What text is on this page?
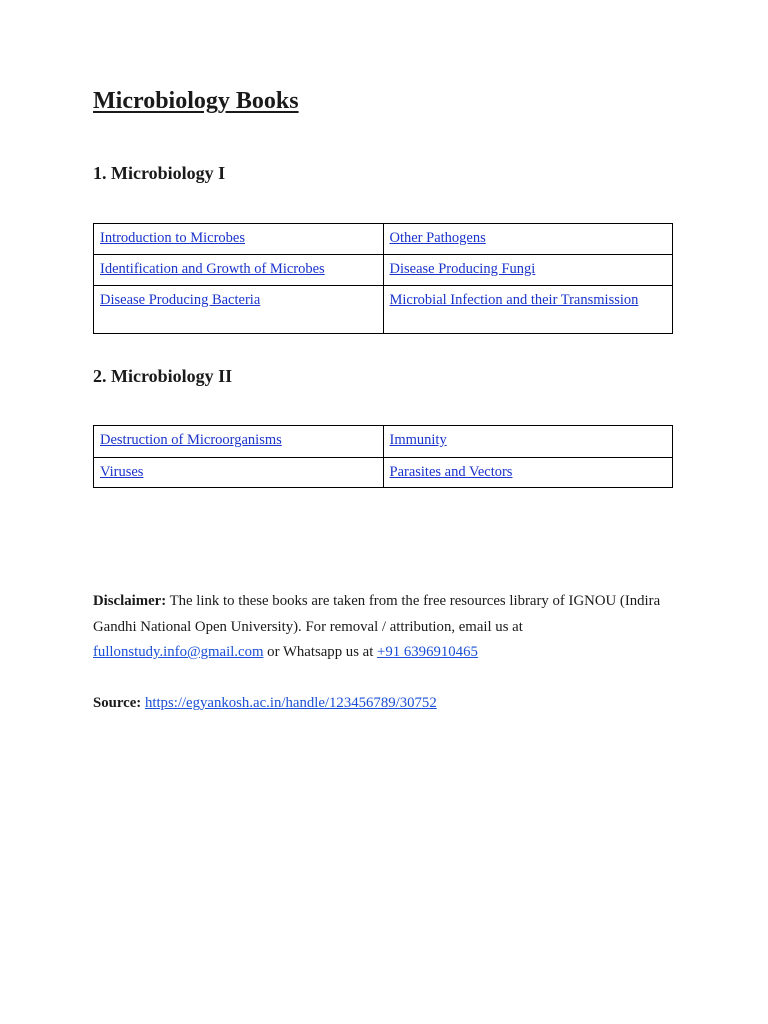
Microbiology Books
1. Microbiology I
Introduction to Microbes	Other Pathogens
Identification and Growth of Microbes	Disease Producing Fungi
Disease Producing Bacteria	Microbial Infection and their Transmission
2. Microbiology II
Destruction of Microorganisms	Immunity
Viruses	Parasites and Vectors

Disclaimer: The link to these books are taken from the free resources library of IGNOU (Indira Gandhi National Open University). For removal / attribution, email us at fullonstudy.info@gmail.com or Whatsapp us at +91 6396910465

Source: https://egyankosh.ac.in/handle/123456789/30752
